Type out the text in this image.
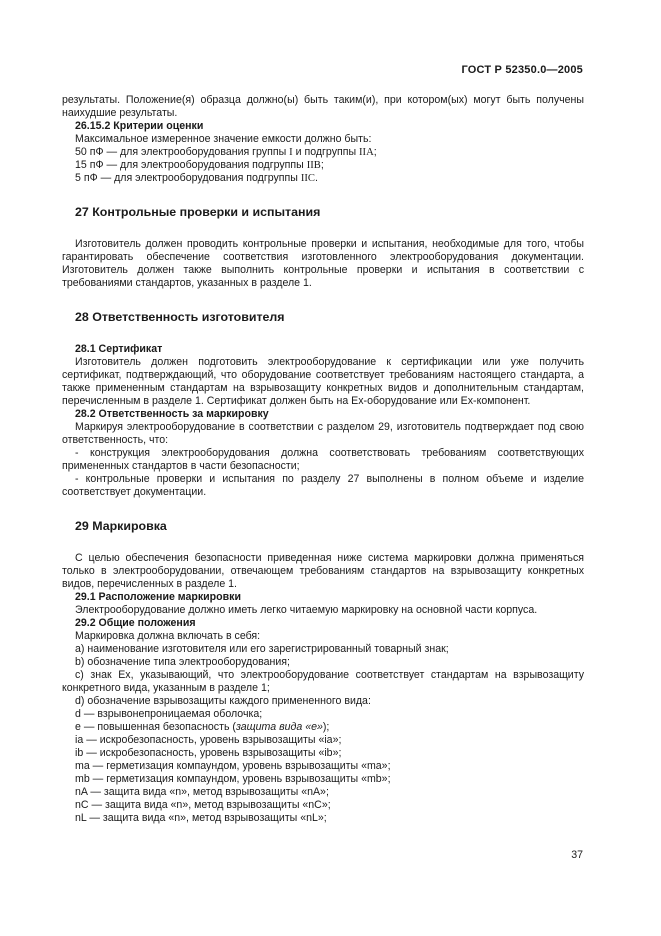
ГОСТ Р 52350.0—2005

результаты. Положение(я) образца должно(ы) быть таким(и), при котором(ых) могут быть получены наихудшие результаты.

26.15.2 Критерии оценки
Максимальное измеренное значение емкости должно быть:
50 пФ — для электрооборудования группы I и подгруппы IIA;
15 пФ — для электрооборудования подгруппы IIB;
5 пФ — для электрооборудования подгруппы IIC.
27 Контрольные проверки и испытания

Изготовитель должен проводить контрольные проверки и испытания, необходимые для того, чтобы гарантировать обеспечение соответствия изготовленного электрооборудования документации. Изготовитель должен также выполнить контрольные проверки и испытания в соответствии с требованиями стандартов, указанных в разделе 1.

28 Ответственность изготовителя
28.1 Сертификат

Изготовитель должен подготовить электрооборудование к сертификации или уже получить сертификат, подтверждающий, что оборудование соответствует требованиям настоящего стандарта, а также примененным стандартам на взрывозащиту конкретных видов и дополнительным стандартам, перечисленным в разделе 1. Сертификат должен быть на Ех-оборудование или Ех-компонент.

28.2 Ответственность за маркировку

Маркируя электрооборудование в соответствии с разделом 29, изготовитель подтверждает под свою ответственность, что:

- конструкция электрооборудования должна соответствовать требованиям соответствующих примененных стандартов в части безопасности;

- контрольные проверки и испытания по разделу 27 выполнены в полном объеме и изделие соответствует документации.

29 Маркировка

С целью обеспечения безопасности приведенная ниже система маркировки должна применяться только в электрооборудовании, отвечающем требованиям стандартов на взрывозащиту конкретных видов, перечисленных в разделе 1.

29.1 Расположение маркировки

Электрооборудование должно иметь легко читаемую маркировку на основной части корпуса.

29.2 Общие положения
Маркировка должна включать в себя:
a) наименование изготовителя или его зарегистрированный товарный знак;
b) обозначение типа электрооборудования;

c) знак Ex, указывающий, что электрооборудование соответствует стандартам на взрывозащиту конкретного вида, указанным в разделе 1;

d) обозначение взрывозащиты каждого примененного вида:
d — взрывонепроницаемая оболочка;
e — повышенная безопасность (защита вида «e»);
ia — искробезопасность, уровень взрывозащиты «ia»;
ib — искробезопасность, уровень взрывозащиты «ib»;
ma — герметизация компаундом, уровень взрывозащиты «ma»;
mb — герметизация компаундом, уровень взрывозащиты «mb»;
nA — защита вида «n», метод взрывозащиты «nA»;
nC — защита вида «n», метод взрывозащиты «nC»;
nL — защита вида «n», метод взрывозащиты «nL»;
37
